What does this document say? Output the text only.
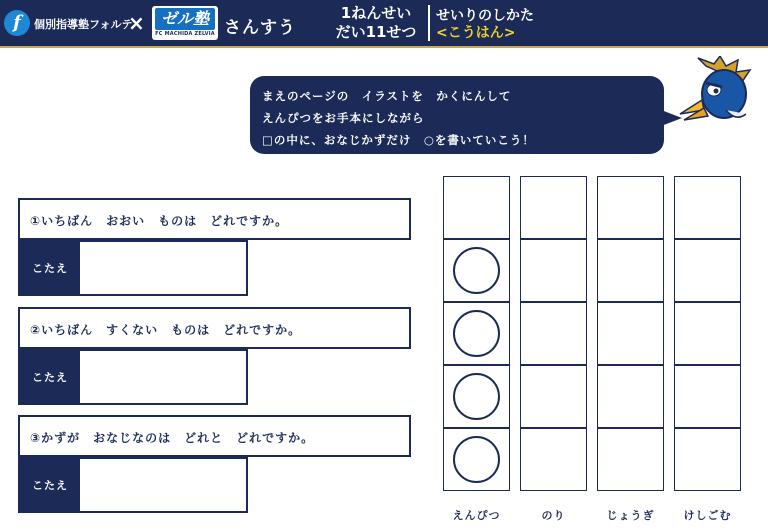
f	個別指導塾フォルテ
×	ゼル塾
FC MACHIDA ZELVIA さんすう
1ねんせい
だい11せつ
せいりのしかた
<こうはん>
まえのページの　イラストを　かくにんして
えんぴつをお手本にしながら
□の中に、おなじかずだけ　○を書いていこう！
①いちばん　おおい　ものは　どれですか。
こたえ
②いちばん　すくない　ものは　どれですか。
こたえ
③かずが　おなじなのは　どれと　どれですか。
こたえ
えんぴつ	のり	じょうぎ	けしごむ
